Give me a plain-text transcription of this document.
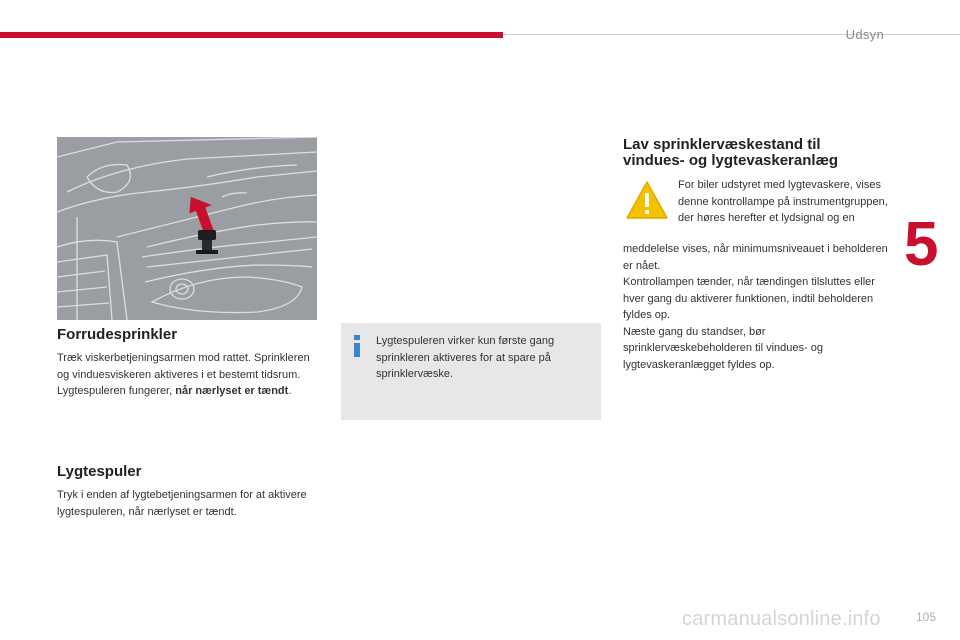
Udsyn
5
105
Forrudesprinkler

Træk viskerbetjeningsarmen mod rattet. Sprinkleren og vinduesviskeren aktiveres i et bestemt tidsrum.

Lygtespuleren fungerer, når nærlyset er tændt.

Lygtespuler

Tryk i enden af lygtebetjeningsarmen for at aktivere lygtespuleren, når nærlyset er tændt.

Lygtespuleren virker kun første gang sprinkleren aktiveres for at spare på sprinklervæske.

Lav sprinklervæskestand til vindues- og lygtevaskeranlæg

For biler udstyret med lygtevaskere, vises denne kontrollampe på instrumentgruppen, der høres herefter et lydsignal og en

meddelelse vises, når minimumsniveauet i beholderen er nået.

Kontrollampen tænder, når tændingen tilsluttes eller hver gang du aktiverer funktionen, indtil beholderen fyldes op.

Næste gang du standser, bør sprinklervæskebeholderen til vindues- og lygtevaskeranlægget fyldes op.

carmanualsonline.info
